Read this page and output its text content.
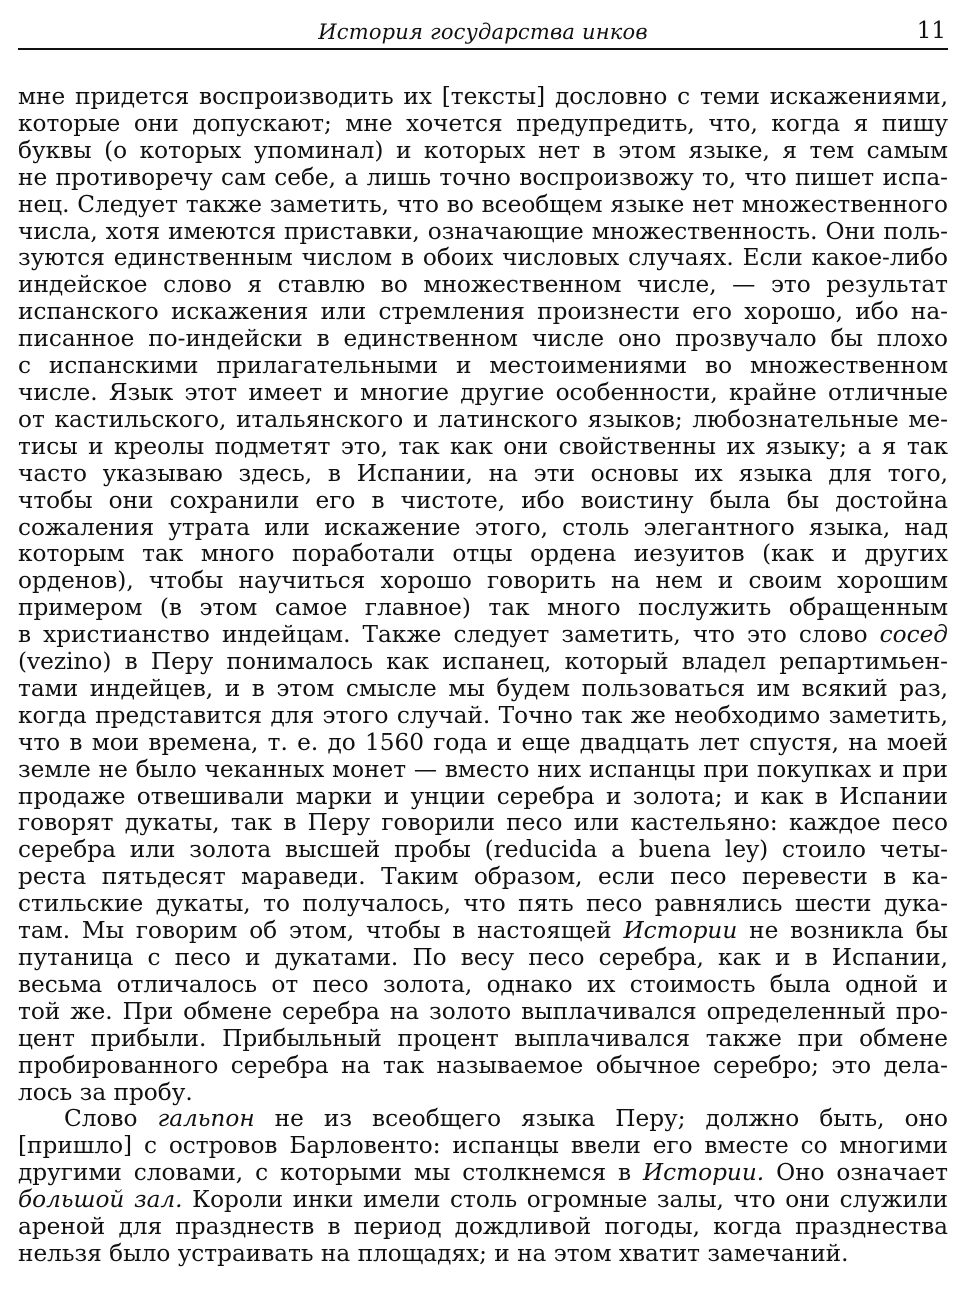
История государства инков	11
мне придется воспроизводить их [тексты] дословно с теми искажениями,
которые они допускают; мне хочется предупредить, что, когда я пишу
буквы (о которых упоминал) и которых нет в этом языке, я тем самым
не противоречу сам себе, а лишь точно воспроизвожу то, что пишет испа-
нец. Следует также заметить, что во всеобщем языке нет множественного
числа, хотя имеются приставки, означающие множественность. Они поль-
зуются единственным числом в обоих числовых случаях. Если какое-либо
индейское слово я ставлю во множественном числе, — это результат
испанского искажения или стремления произнести его хорошо, ибо на-
писанное по-индейски в единственном числе оно прозвучало бы плохо
с испанскими прилагательными и местоимениями во множественном
числе. Язык этот имеет и многие другие особенности, крайне отличные
от кастильского, итальянского и латинского языков; любознательные ме-
тисы и креолы подметят это, так как они свойственны их языку; а я так
часто указываю здесь, в Испании, на эти основы их языка для того,
чтобы они сохранили его в чистоте, ибо воистину была бы достойна
сожаления утрата или искажение этого, столь элегантного языка, над
которым так много поработали отцы ордена иезуитов (как и других
орденов), чтобы научиться хорошо говорить на нем и своим хорошим
примером (в этом самое главное) так много послужить обращенным
в христианство индейцам. Также следует заметить, что это слово сосед
(vezino) в Перу понималось как испанец, который владел репартимьен-
тами индейцев, и в этом смысле мы будем пользоваться им всякий раз,
когда представится для этого случай. Точно так же необходимо заметить,
что в мои времена, т. е. до 1560 года и еще двадцать лет спустя, на моей
земле не было чеканных монет — вместо них испанцы при покупках и при
продаже отвешивали марки и унции серебра и золота; и как в Испании
говорят дукаты, так в Перу говорили песо или кастельяно: каждое песо
серебра или золота высшей пробы (reducida a buena ley) стоило четы-
реста пятьдесят мараведи. Таким образом, если песо перевести в ка-
стильские дукаты, то получалось, что пять песо равнялись шести дука-
там. Мы говорим об этом, чтобы в настоящей Истории не возникла бы
путаница с песо и дукатами. По весу песо серебра, как и в Испании,
весьма отличалось от песо золота, однако их стоимость была одной и
той же. При обмене серебра на золото выплачивался определенный про-
цент прибыли. Прибыльный процент выплачивался также при обмене
пробированного серебра на так называемое обычное серебро; это дела-
лось за пробу.
Слово гальпон не из всеобщего языка Перу; должно быть, оно
[пришло] с островов Барловенто: испанцы ввели его вместе со многими
другими словами, с которыми мы столкнемся в Истории. Оно означает
большой зал. Короли инки имели столь огромные залы, что они служили
ареной для празднеств в период дождливой погоды, когда празднества
нельзя было устраивать на площадях; и на этом хватит замечаний.
